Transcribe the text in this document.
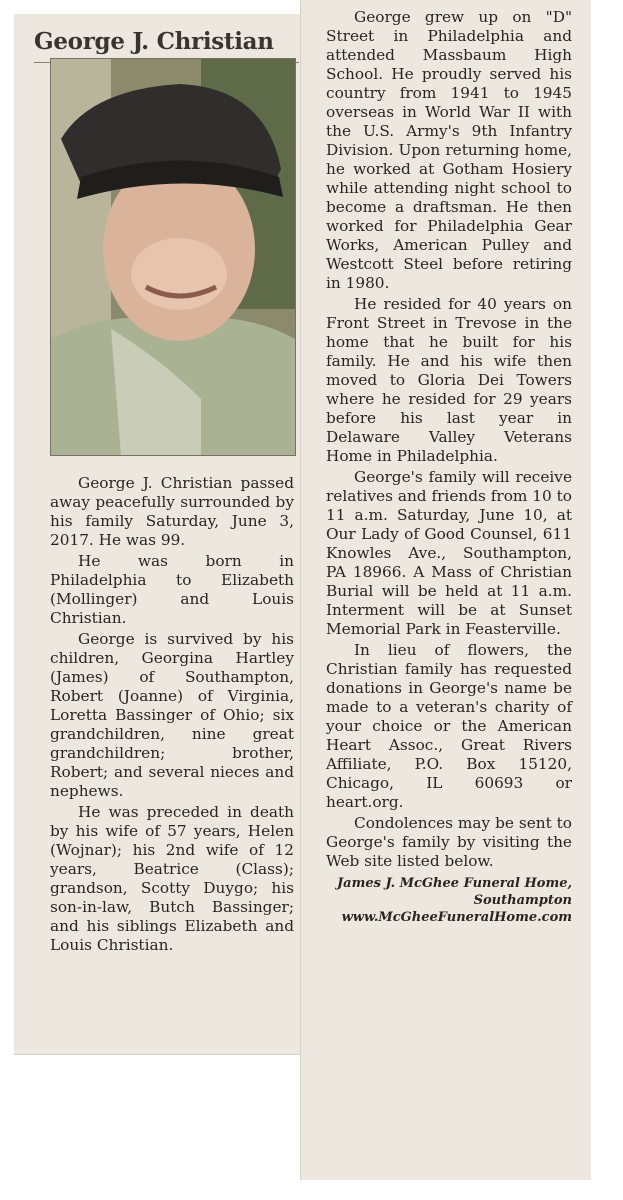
George J. Christian

George J. Christian passed away peacefully surrounded by his family Saturday, June 3, 2017. He was 99.

He was born in Philadelphia to Elizabeth (Mollinger) and Louis Christian.

George is survived by his children, Georgina Hartley (James) of Southampton, Robert (Joanne) of Virginia, Loretta Bassinger of Ohio; six grandchildren, nine great grandchildren; brother, Robert; and several nieces and nephews.

He was preceded in death by his wife of 57 years, Helen (Wojnar); his 2nd wife of 12 years, Beatrice (Class); grandson, Scotty Duygo; his son-in-law, Butch Bassinger; and his siblings Elizabeth and Louis Christian.

George grew up on "D" Street in Philadelphia and attended Massbaum High School. He proudly served his country from 1941 to 1945 overseas in World War II with the U.S. Army's 9th Infantry Division. Upon returning home, he worked at Gotham Hosiery while attending night school to become a draftsman. He then worked for Philadelphia Gear Works, American Pulley and Westcott Steel before retiring in 1980.

He resided for 40 years on Front Street in Trevose in the home that he built for his family. He and his wife then moved to Gloria Dei Towers where he resided for 29 years before his last year in Delaware Valley Veterans Home in Philadelphia.

George's family will receive relatives and friends from 10 to 11 a.m. Saturday, June 10, at Our Lady of Good Counsel, 611 Knowles Ave., Southampton, PA 18966. A Mass of Christian Burial will be held at 11 a.m. Interment will be at Sunset Memorial Park in Feasterville.

In lieu of flowers, the Christian family has requested donations in George's name be made to a veteran's charity of your choice or the American Heart Assoc., Great Rivers Affiliate, P.O. Box 15120, Chicago, IL 60693 or heart.org.

Condolences may be sent to George's family by visiting the Web site listed below.

James J. McGhee Funeral Home,
Southampton
www.McGheeFuneralHome.com
